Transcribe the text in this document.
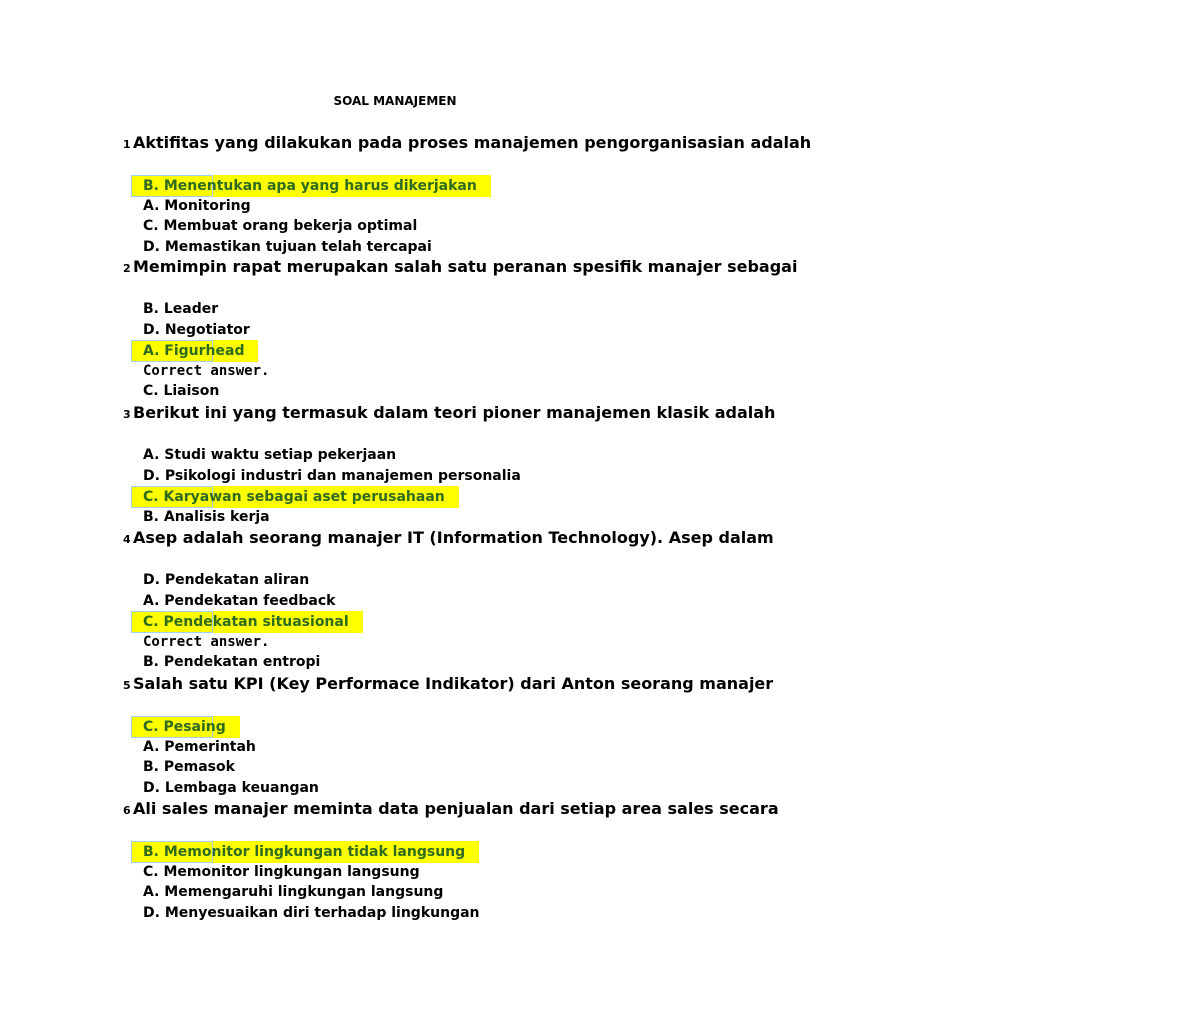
SOAL MANAJEMEN
1 Aktifitas yang dilakukan pada proses manajemen pengorganisasian adalah
B. Menentukan apa yang harus dikerjakan
A. Monitoring
C. Membuat orang bekerja optimal
D. Memastikan tujuan telah tercapai
2 Memimpin rapat merupakan salah satu peranan spesifik manajer sebagai
B. Leader
D. Negotiator
A. Figurhead
Correct answer.
C. Liaison
3 Berikut ini yang termasuk dalam teori pioner manajemen klasik adalah
A. Studi waktu setiap pekerjaan
D. Psikologi industri dan manajemen personalia
C. Karyawan sebagai aset perusahaan
B. Analisis kerja
4 Asep adalah seorang manajer IT (Information Technology). Asep dalam
D. Pendekatan aliran
A. Pendekatan feedback
C. Pendekatan situasional
Correct answer.
B. Pendekatan entropi
5 Salah satu KPI (Key Performace Indikator) dari Anton seorang manajer
C. Pesaing
A. Pemerintah
B. Pemasok
D. Lembaga keuangan
6 Ali sales manajer meminta data penjualan dari setiap area sales secara
B. Memonitor lingkungan tidak langsung
C. Memonitor lingkungan langsung
A. Memengaruhi lingkungan langsung
D. Menyesuaikan diri terhadap lingkungan
